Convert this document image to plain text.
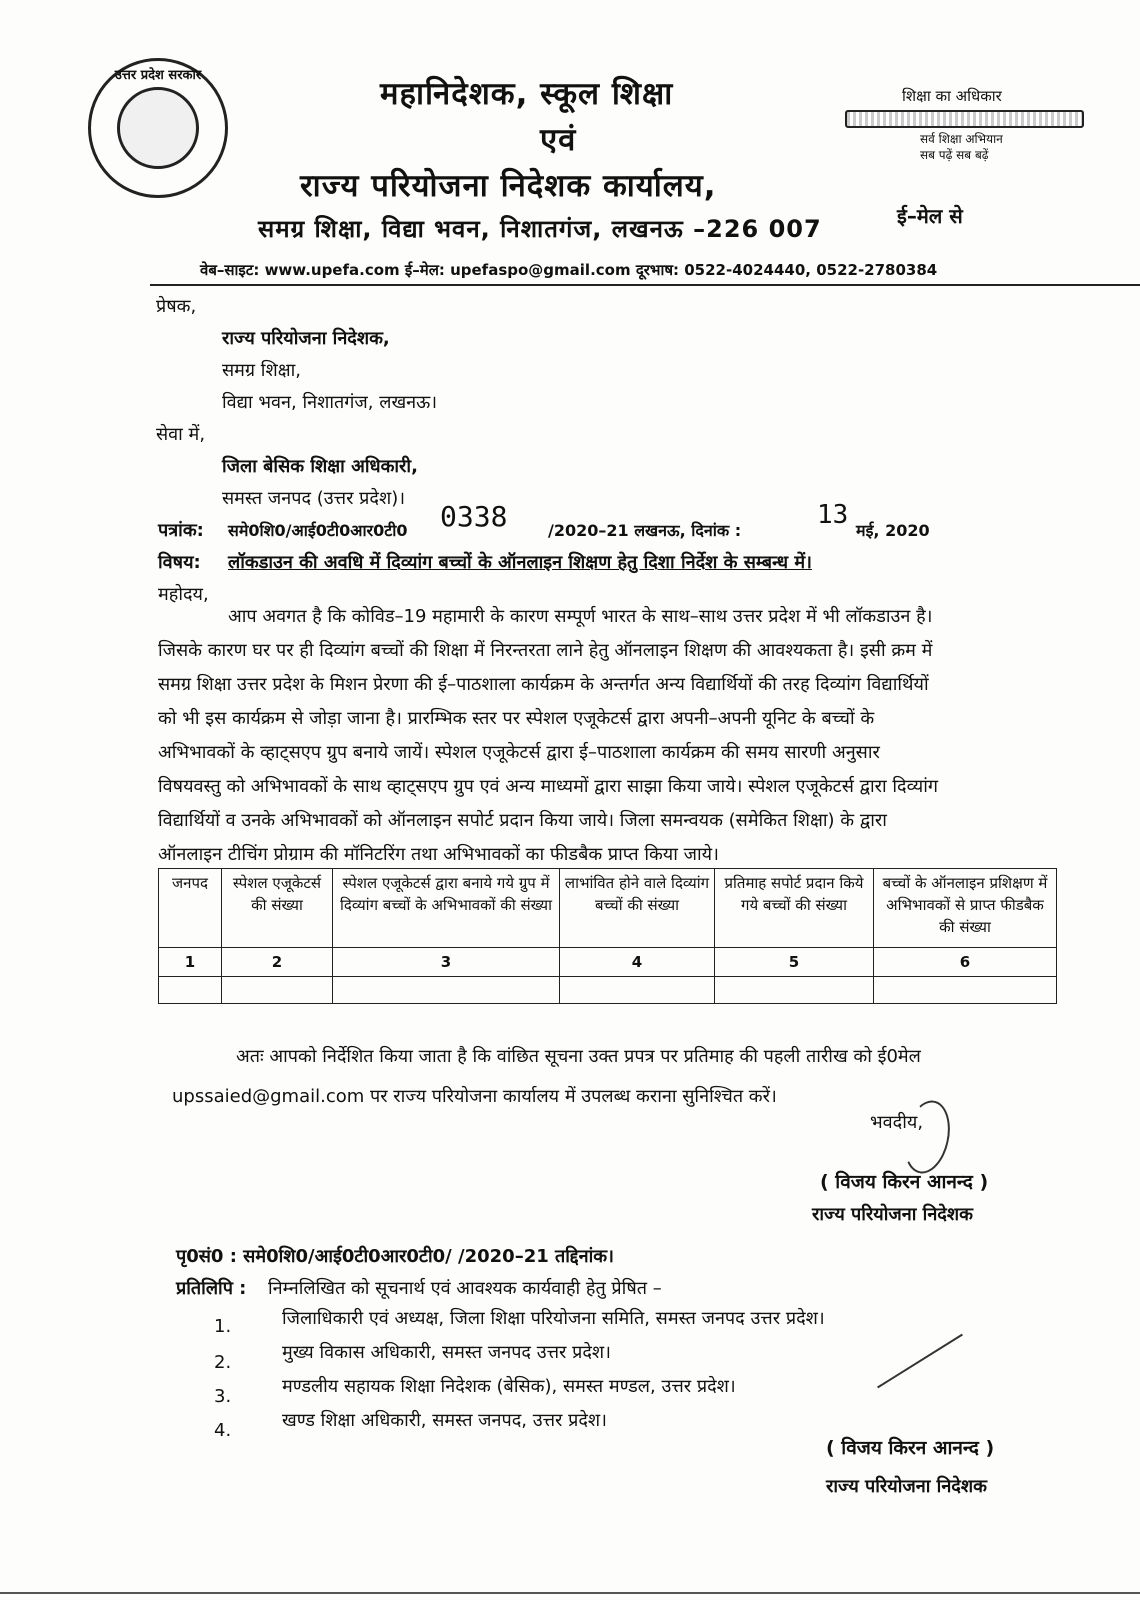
उत्तर प्रदेश सरकार
महानिदेशक, स्कूल शिक्षा
एवं
राज्य परियोजना निदेशक कार्यालय,
समग्र शिक्षा, विद्या भवन, निशातगंज, लखनऊ –226 007	ई–मेल से
शिक्षा का अधिकार
सर्व शिक्षा अभियान
सब पढ़ें सब बढ़ें
वेब–साइट: www.upefa.com ई–मेल: upefaspo@gmail.com दूरभाष: 0522-4024440, 0522-2780384
प्रेषक,
राज्य परियोजना निदेशक,
समग्र शिक्षा,
विद्या भवन, निशातगंज, लखनऊ।
सेवा में,
जिला बेसिक शिक्षा अधिकारी,
समस्त जनपद (उत्तर प्रदेश)।
पत्रांक: समे0शि0/आई0टी0आर0टी0 0338	/2020–21 लखनऊ, दिनांक :
13
मई, 2020
विषय: लॉकडाउन की अवधि में दिव्यांग बच्चों के ऑनलाइन शिक्षण हेतु दिशा निर्देश के सम्बन्ध में।
महोदय,
आप अवगत है कि कोविड–19 महामारी के कारण सम्पूर्ण भारत के साथ–साथ उत्तर प्रदेश में भी लॉकडाउन है।
जिसके कारण घर पर ही दिव्यांग बच्चों की शिक्षा में निरन्तरता लाने हेतु ऑनलाइन शिक्षण की आवश्यकता है। इसी क्रम में
समग्र शिक्षा उत्तर प्रदेश के मिशन प्रेरणा की ई–पाठशाला कार्यक्रम के अन्तर्गत अन्य विद्यार्थियों की तरह दिव्यांग विद्यार्थियों
को भी इस कार्यक्रम से जोड़ा जाना है। प्रारम्भिक स्तर पर स्पेशल एजूकेटर्स द्वारा अपनी–अपनी यूनिट के बच्चों के
अभिभावकों के व्हाट्सएप ग्रुप बनाये जायें। स्पेशल एजूकेटर्स द्वारा ई–पाठशाला कार्यक्रम की समय सारणी अनुसार
विषयवस्तु को अभिभावकों के साथ व्हाट्सएप ग्रुप एवं अन्य माध्यमों द्वारा साझा किया जाये। स्पेशल एजूकेटर्स द्वारा दिव्यांग
विद्यार्थियों व उनके अभिभावकों को ऑनलाइन सपोर्ट प्रदान किया जाये। जिला समन्वयक (समेकित शिक्षा) के द्वारा
ऑनलाइन टीचिंग प्रोग्राम की मॉनिटरिंग तथा अभिभावकों का फीडबैक प्राप्त किया जाये।
जनपद	स्पेशल एजूकेटर्स की संख्या	स्पेशल एजूकेटर्स द्वारा बनाये गये ग्रुप में दिव्यांग बच्चों के अभिभावकों की संख्या	लाभांवित होने वाले दिव्यांग बच्चों की संख्या	प्रतिमाह सपोर्ट प्रदान किये गये बच्चों की संख्या	बच्चों के ऑनलाइन प्रशिक्षण में अभिभावकों से प्राप्त फीडबैक की संख्या
1	2	3	4	5	6

अतः आपको निर्देशित किया जाता है कि वांछित सूचना उक्त प्रपत्र पर प्रतिमाह की पहली तारीख को ई0मेल
upssaied@gmail.com पर राज्य परियोजना कार्यालय में उपलब्ध कराना सुनिश्चित करें।
भवदीय,
( विजय किरन आनन्द )
राज्य परियोजना निदेशक
पृ0सं0 : समे0शि0/आई0टी0आर0टी0/ /2020–21 तद्दिनांक।
प्रतिलिपि : निम्नलिखित को सूचनार्थ एवं आवश्यक कार्यवाही हेतु प्रेषित –
1.	जिलाधिकारी एवं अध्यक्ष, जिला शिक्षा परियोजना समिति, समस्त जनपद उत्तर प्रदेश।
2.	मुख्य विकास अधिकारी, समस्त जनपद उत्तर प्रदेश।
3.	मण्डलीय सहायक शिक्षा निदेशक (बेसिक), समस्त मण्डल, उत्तर प्रदेश।
4.	खण्ड शिक्षा अधिकारी, समस्त जनपद, उत्तर प्रदेश।
( विजय किरन आनन्द )
राज्य परियोजना निदेशक
